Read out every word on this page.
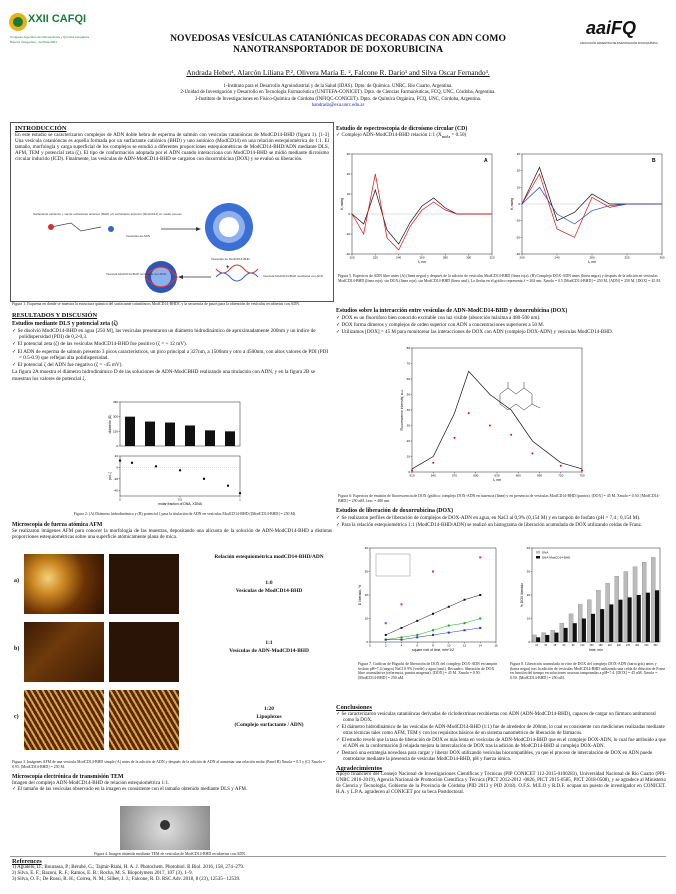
XXII CAFQI
Congreso Argentino de Fisicoquímica y Química Inorgánica
Buenos Invirgentes - 1a Plata 2021
aaiFQ
ASOCIACIÓN ARGENTINA DE INVESTIGACIÓN FISICOQUÍMICA
NOVEDOSAS VESÍCULAS CATANIÓNICAS DECORADAS CON ADN COMO NANOTRANSPORTADOR DE DOXORUBICINA
Andrada Heber¹, Alarcón Liliana P.², Olivera María E. ², Falcone R. Darío¹ and Silva Oscar Fernando³.
1-Instituto para el Desarrollo Agroindustrial y de la Salud (IDAS). Dpto. de Química. UNRC. Río Cuarto, Argentina.
2-Unidad de Investigación y Desarrollo en Tecnología Farmacéutica (UNITEFA-CONICET). Dpto. de Ciencias Farmacéuticas, FCQ, UNC, Córdoba, Argentina.
3-Instituto de Investigaciones en Físico-Química de Córdoba (INFIQC-CONICET). Dpto. de Química Orgánica, FCQ, UNC, Córdoba, Argentina.
handrada@exa.unrc.edu.ar
INTRODUCCIÓN
En este estudio se caracterizaron complejos de ADN doble hebra de esperma de salmón con vesículas catanióncas de ModCD14-BHD (figura 1). [1-3] Una vesícula catanióncas es aquella formada por un surfactante catiónico (BHD) y uno aniónico (ModCD14) en una relación estequiométrica de 1:1. El tamaño, morfología y carga superficial de los complejos se estudió a diferentes proporciones estequiométricas de ModCD14-BHD/ADN mediante DLS, AFM, TEM y potencial zeta (ζ). El tipo de conformación adoptada por el ADN cuando interacciona con ModCD14-BHD se midió mediante dicroísmo circular inducido (ICD). Finalmente, las vesículas de ADN-ModCD14-BHD se cargaron con doxorrubicina (DOX) y se evaluó su liberación.
Surfactante catiónico + sal de surfactante aniónico (BHD) y/o surfactante aniónico (ModCD14) en medio acuoso
Vesículas de ADN
Vesículas de ModCD14-BHD
+
Vesícula ModCD14-BHD recubierta con ADN	Vesícula ModCD14-BHD recubierta con ADN
Figura 1: Esquema en donde se muestra la estructura química del surfactante catanióncos ModCD14-BHDC y la secuencia de pasos para la obtención de vesículas recubiertas con ADN.
RESULTADOS Y DISCUSIÓN
Estudios mediante DLS y potencial zeta (ζ)
✓ Se disolvió ModCD14-BHD en agua [250 M], las vesículas presentaron un diámetro hidrodinámico de aproximadamente 200nm y un índice de polidispersidad (PDI) de 0,2-0,3.
✓ El potencial zeta (ζ) de las vesículas ModCD14-BHD fue positivo (ζ = + 12 mV).
✓ El ADN de esperma de salmón presento 3 picos característicos, un pico principal a 327nm, a 1500nm y otro a 4500nm, con altos valores de PDI (PDI = 0.5-0.9) que reflejan alta polidispersidad.
✓ El potencial ζ del ADN fue negativo (ζ = -45 mV).
La figura 2A muestra el diámetro hidrodinámico D de las soluciones de ADN-ModCBHD realizando una titulación con ADN, y en la figura 2B se muestran los valores de potencial ζ.
0
150
300
450
diámetro (D)
0	0.5	1
-40
-20
0
20
molar fraction of DNA, XDNA
pot. ζ
Figura 2: (A) Diámetro hidrodinámico y (B) potencial ζ para la titulación de ADN en vesículas ModCD14-BHD ([ModCD14-BHD] = 250 M).
Microscopia de fuerza atómica AFM
Se realizaron imágenes AFM para conocer la morfología de las muestras, depositando una alícuota de la solución de ADN-ModCD14-BHD a distintas proporciones estequiométricas sobre una superficie atómicamente plana de mica.
a)
b)
c)
Relación estequiométrica modCD14-BHD/ADN
1:0
Vesículas de ModCD14-BHD
1:1
Vesículas de ADN-ModCD14-BHD
1:20
Lipoplexos
(Complejo surfactante / ADN)
Figura 3. Imágenes AFM de una vesícula ModCD14-BHD simple (A) antes de la adición de ADN y después de la adición de ADN al aumentar una relación molar (Panel B) Xmola = 0.5 y (C) Xmola = 0.95. [ModCD14-BHD] = 250 M.
Microscopía electrónica de transmisión TEM
Imagen del complejo ADN-ModCD14-BHD de relación estequiométrica 1:1.
✓ El tamaño de las vesículas observado en la imagen es consistente con el tamaño obtenido mediante DLS y AFM.
Figura 4. Imagen obtenida mediante TEM de vesículas de ModCD14-BHD recubiertas con ADN.
Estudio de espectroscopia de dicroísmo circular (CD)
✓ Complejo ADN-ModCD14-BHD relación 1:1 $(X_{mola} = 0.50)$
200	220	240	260	280	300	320
-20
-10
0
10
20
30
λ, nm
θ, mdeg
A
200	240	280	320	360
-30
-20
-10
0
10
20
30
λ, nm
θ, mdeg
B
Figura 5. Espectros de ADN libre antes (A) (línea negra) y después de la adición de vesículas ModCD14-BHD (línea roja). (B) Complejo DOX-ADN antes (línea negra) y después de la adición en vesículas ModCD14-BHD (línea roja); sin DOX (línea roja), sin ModCD14-BHD (línea azul). La flecha en el gráfico representa λ = 263 nm. Xmola = 0.5 [ModCD14-BHD] = 250 M, [ADN] = 250 M, [DOX] = 45 M.
Estudios sobre la interacción entre vesículas de ADN-ModCD14-BHD y doxorrubicina (DOX)
✓ DOX es un fluoróforo bien conocido excitable con luz visible (absorción máxima a 480-500 nm).
✓ DOX forma dímeros y complejos de orden superior con ADN a concentraciones superiores a 50 M.
✓ Utilizamos [DOX] = 45 M para monitorear las interacciones de DOX con ADN (complejo DOX-ADN) y vesículas ModCD14-BHD.
510	540	570	600	630	660	690	720	750
0
10
20
30
40
50
60
70
80
λ, nm
Fluorescence intensity, a.u.
Figura 6: Espectros de emisión de fluorescencia de DOX (gráfica: complejo DOX-ADN en ausencia (línea) y en presencia de vesículas ModCD14-BHD (puntos). [DOX] = 45 M. Xmola = 0.50. [ModCD14-BHD] = 250 nM. λexc = 480 nm.
Estudios de liberación de doxorrubicina (DOX)
✓ Se realizaron perfiles de liberación de complejos de DOX-ADN en agua, en NaCl al 0,9% (0,154 M) y en tampón de fosfato (pH = 7,4 ; 0,154 M).
✓ Para la relación estequiométrica 1:1 (ModCD14-BHD/ADN) se realizó un histograma de liberación acumulada de DOX utilizando celdas de Franz.
0	2	4	6	8	10	12	14	16
0
10
20
30
40
square root of time, min^1/2
D liberado, %
0
10
20
30
40
time, min
% DOX liberado
15	30	45	60	90 120 150 180 210 240 270 300 330 360
DNA
DNA-ModCD14-BHD
Figura 7. Gráficas de Higuchi de liberación de DOX del complejo DOX-ADN en tampón fosfato pH=7.4 (negro) NaCl 0.9% (verde) y agua (azul). Recuadro: liberación de DOX libre acumulativa (referencia, puntos magenta). [DOX] = 45 M. Xmola = 0.50. [ModCD14-BHD] = 250 nM.
Figura 8. Liberación acumulada in vitro de DOX del complejo DOX-ADN (barra gris) antes y (barra negra) tras la adición de vesículas ModCD14-BHD utilizando una celda de difusión de Franz en función del tiempo en soluciones acuosas tamponadas a pH=7.4. [DOX] = 45 nM. Xmola = 0.50. [ModCD14-BHD] = 250 nM.
Conclusiones
✓ Se caracterizaron vesículas catanióncas derivadas de ciclodextrinas recubiertas con ADN (ADN-ModCD14-BHD), capaces de cargar un fármaco antitumoral como la DOX.
✓ El diámetro hidrodinámico de las vesículas de ADN-ModCD14-BHD (1:1) fue de alrededor de 200nm, lo cual es consistente con mediciones realizadas mediante otras técnicas tales como AFM, TEM y con los requisitos básicos de un sistema nanométrico de liberación de fármacos.
✓ El estudio reveló que la tasa de liberación de DOX es más lenta en vesículas de ADN-ModCD14-BHD que en el complejo DOX-ADN, lo cual fue atribuido a que el ADN en la conformación β relajada mejora la intercalación de DOX tras la adición de ModCD14-BHD al complejo DOX-ADN.
✓ Destacó una estrategia novedosa para cargar y liberar DOX utilizando vesículas biocompatibles, ya que el proceso de intercalación de DOX en ADN puede controlarse mediante la presencia de vesículas ModCD14-BHD, pH y fuerza iónica.
Agradecimientos
Apoyo financiero del Consejo Nacional de Investigaciones Científicas y Técnicas (PIP CONICET 112-2015-0100283), Universidad Nacional de Río Cuarto (PPI-UNRC 2016-2019), Agencia Nacional de Promoción Científica y Técnica (PICT 2012-2012 -0826, PICT 2015-0585, PICT 2018-0508), y se agradece al Ministerio de Ciencia y Tecnología, Gobierno de la Provincia de Córdoba (PID 2013 y PID 2018). O.F.S. M.E.O y R.D.F. ocupan un puesto de investigador en CONICET. H.A. y L.P.A. agradecen al CONICET por su beca Postdoctoral.
References
1) Agudelo, D.; Bourassa, P.; Bérubé, G.; Tajmir-Riahi, H. A. J. Photochem. Photobiol. B Biol. 2016, 158, 274–279.
2) Silva, E. F.; Bazoni, R. F.; Ramos, E. B.; Rocha, M. S. Biopolymers 2017, 107 (3), 1–9.
3) Silva, O. F.; De Rossi, R. H.; Correa, N. M.; Silber, J. J.; Falcone, R. D. RSC Adv. 2018, 8 (23), 12535– 12539.
